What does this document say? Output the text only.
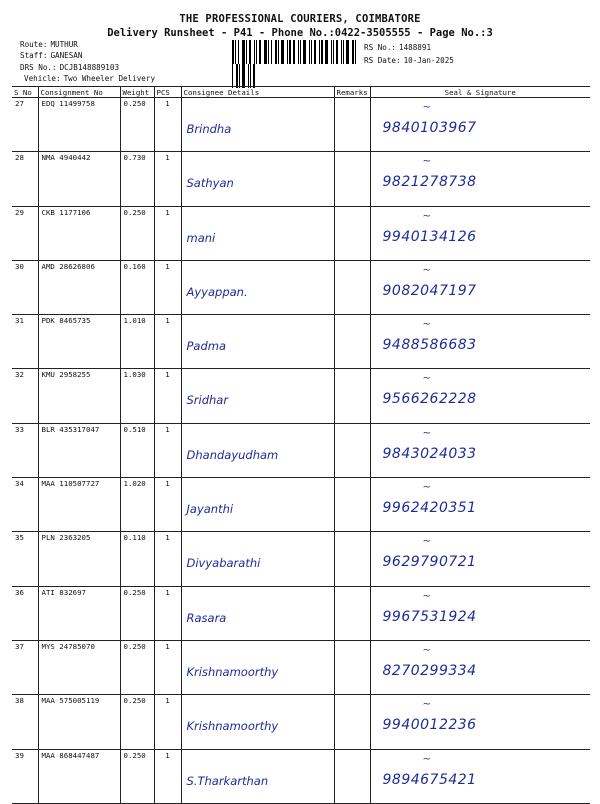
THE PROFESSIONAL COURIERS, COIMBATORE
Delivery Runsheet - P41 - Phone No.:0422-3505555 - Page No.:3
Route: MUTHUR
Staff: GANESAN
DRS No.: DCJB148889103
Vehicle: Two Wheeler Delivery
RS No.: 1488891
RS Date: 10-Jan-2025
S No	Consignment No	Weight	PCS	Consignee Details	Remarks	Seal & Signature
27	EDQ 11499758	0.250	1	Brindha		~
9840103967

28	NMA 4940442	0.730	1	Sathyan		~
9821278738

29	CKB 1177106	0.250	1	mani		~
9940134126

30	AMD 28626806	0.160	1	Ayyappan.		~
9082047197

31	PDK 8465735	1.010	1	Padma		~
9488586683

32	KMU 2958255	1.030	1	Sridhar		~
9566262228

33	BLR 435317047	0.510	1	Dhandayudham		~
9843024033

34	MAA 110507727	1.020	1	Jayanthi		~
9962420351

35	PLN 2363205	0.110	1	Divyabarathi		~
9629790721

36	ATI 832697	0.250	1	Rasara		~
9967531924

37	MYS 24785070	0.250	1	Krishnamoorthy		~
8270299334

38	MAA 575005119	0.250	1	Krishnamoorthy		~
9940012236

39	MAA 868447487	0.250	1	S.Tharkarthan		~
9894675421
